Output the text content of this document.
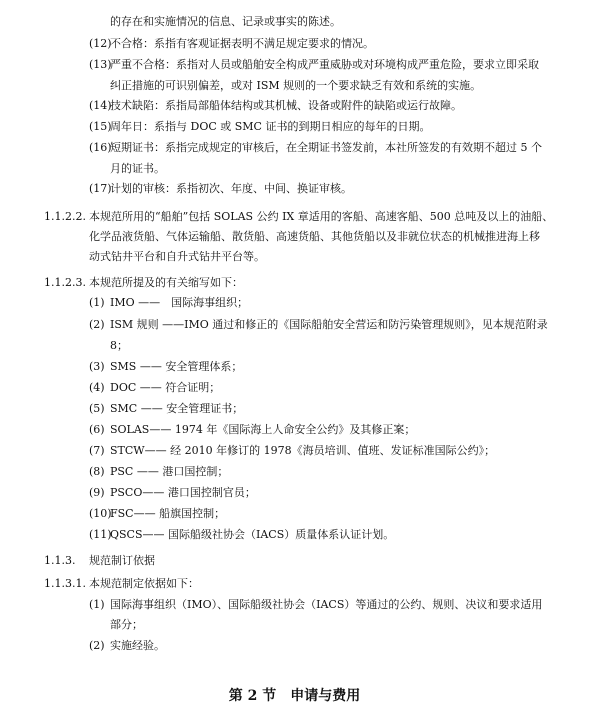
的存在和实施情况的信息、记录或事实的陈述。
(12)
不合格：系指有客观证据表明不满足规定要求的情况。
(13)
严重不合格：系指对人员或船舶安全构成严重威胁或对环境构成严重危险，要求立即采取
纠正措施的可识别偏差，或对 ISM 规则的一个要求缺乏有效和系统的实施。
(14)
技术缺陷：系指局部船体结构或其机械、设备或附件的缺陷或运行故障。
(15)
周年日：系指与 DOC 或 SMC 证书的到期日相应的每年的日期。
(16)
短期证书：系指完成规定的审核后，在全期证书签发前，本社所签发的有效期不超过 5 个
月的证书。
(17)
计划的审核：系指初次、年度、中间、换证审核。
1.1.2.2. 本规范所用的“船舶”包括 SOLAS 公约 IX 章适用的客船、高速客船、500 总吨及以上的油船、
化学品液货船、气体运输船、散货船、高速货船、其他货船以及非就位状态的机械推进海上移
动式钻井平台和自升式钻井平台等。
1.1.2.3. 本规范所提及的有关缩写如下：
(1) IMO ——　国际海事组织；
(2) ISM 规则 ——IMO 通过和修正的《国际船舶安全营运和防污染管理规则》，见本规范附录
8；
(3) SMS —— 安全管理体系；
(4) DOC —— 符合证明；
(5) SMC —— 安全管理证书；
(6) SOLAS—— 1974 年《国际海上人命安全公约》及其修正案；
(7) STCW—— 经 2010 年修订的 1978《海员培训、值班、发证标准国际公约》；
(8) PSC —— 港口国控制；
(9) PSCO—— 港口国控制官员；
(10)
FSC—— 船旗国控制；
(11)
QSCS—— 国际船级社协会（IACS）质量体系认证计划。
1.1.3. 规范制订依据
1.1.3.1. 本规范制定依据如下：
(1) 国际海事组织（IMO）、国际船级社协会（IACS）等通过的公约、规则、决议和要求适用
部分；
(2) 实施经验。
第 2 节　申请与费用
